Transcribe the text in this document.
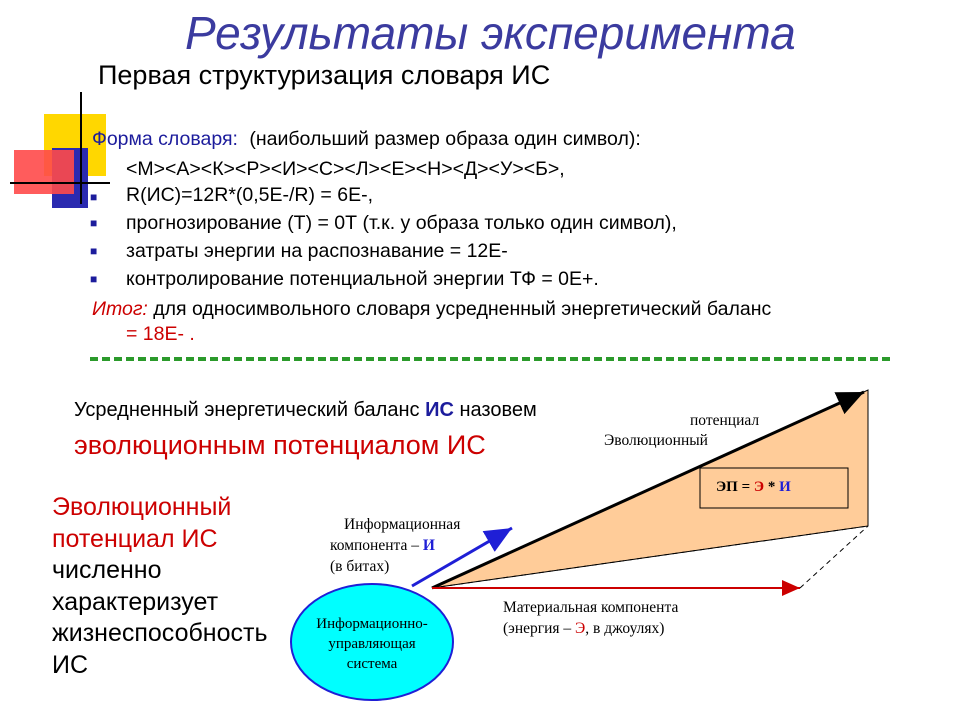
Результаты эксперимента
Первая структуризация словаря ИС
Форма словаря: (наибольший размер образа один символ):
<М><А><К><Р><И><С><Л><Е><Н><Д><У><Б>,
■ R(ИС)=12R*(0,5Е-/R) = 6Е-,
■ прогнозирование (Т) = 0Т (т.к. у образа только один символ),
■ затраты энергии на распознавание = 12Е-
■ контролирование потенциальной энергии ТФ = 0Е+.
Итог: для односимвольного словаря усредненный энергетический баланс
= 18Е- .
Усредненный энергетический баланс ИС назовем
эволюционным потенциалом ИС
Эволюционный
потенциал ИС
численно
характеризует
жизнеспособность
ИС
потенциал
Эволюционный
ЭП = Э * И
Информационная
компонента – И
(в битах)
Материальная компонента
(энергия – Э, в джоулях)
Информационно-
управляющая
система
